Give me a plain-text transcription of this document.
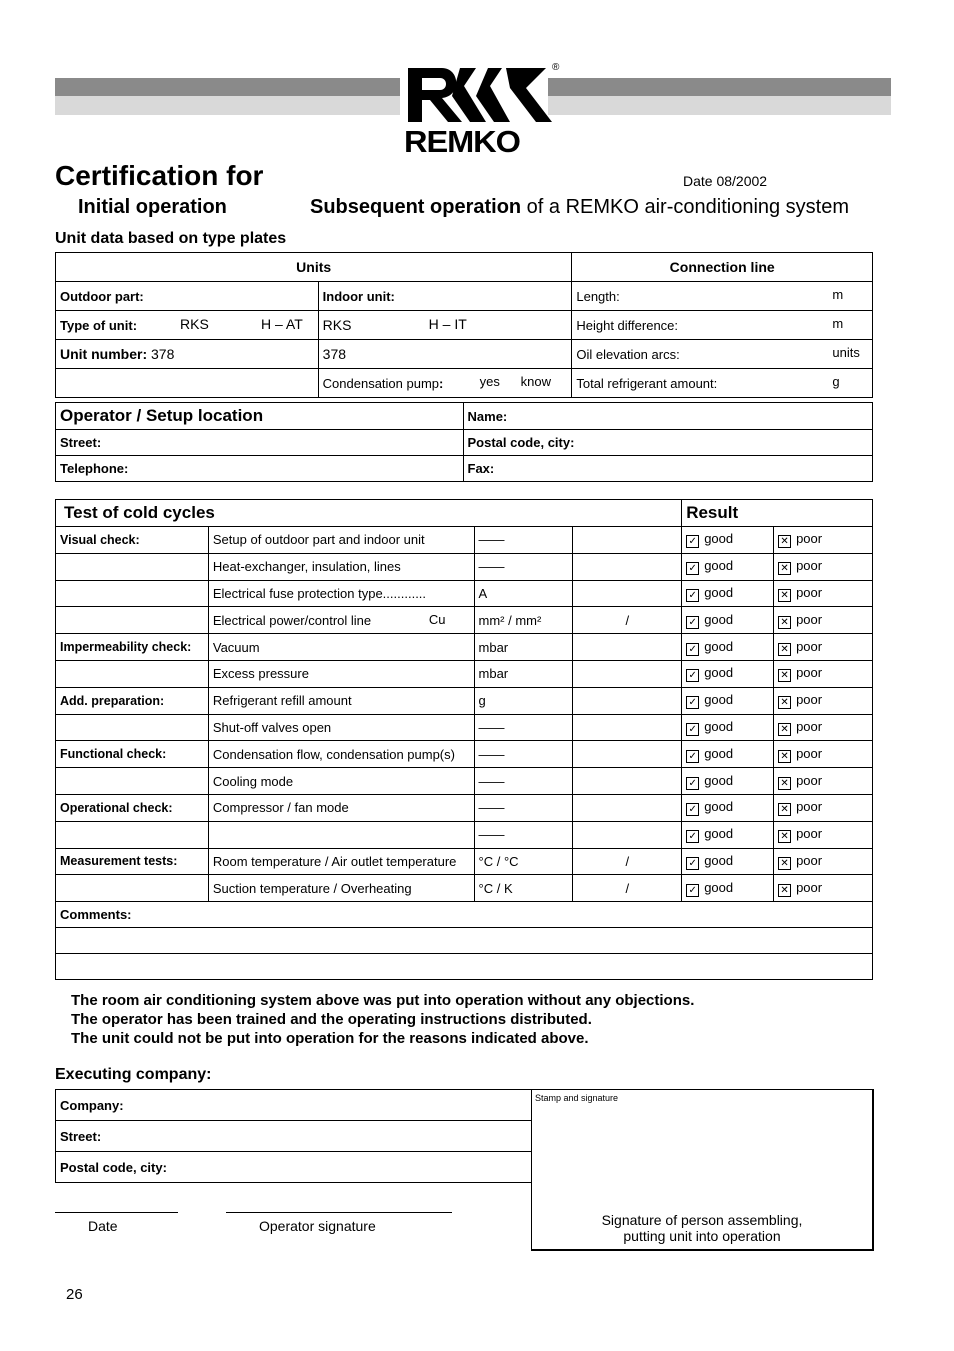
REMKO
®
Certification for	Date 08/2002
Initial operation	Subsequent operation of a REMKO air-conditioning system
Unit data based on type plates
Units		Connection line
Outdoor part:	Indoor unit:	Length: m

Type of unit: RKS H – AT	RKS H – IT	Height difference: m

Unit number: 378	378	Oil elevation arcs: units

	Condensation pump: yes know	Total refrigerant amount: g
Operator / Setup location	Name:
Street:	Postal code, city:
Telephone:	Fax:
Test of cold cycles				Result	
Visual check:	Setup of outdoor part and indoor unit	——		✓ good	✕ poor
	Heat-exchanger, insulation, lines	——		✓ good	✕ poor
	Electrical fuse protection type............	A		✓ good	✕ poor
	Electrical power/control line Cu	mm² / mm²	/	✓ good	✕ poor
Impermeability check:	Vacuum	mbar		✓ good	✕ poor
	Excess pressure	mbar		✓ good	✕ poor
Add. preparation:	Refrigerant refill amount	g		✓ good	✕ poor
	Shut-off valves open	——		✓ good	✕ poor
Functional check:	Condensation flow, condensation pump(s)	——		✓ good	✕ poor
	Cooling mode	——		✓ good	✕ poor
Operational check:	Compressor / fan mode	——		✓ good	✕ poor
		——		✓ good	✕ poor
Measurement tests:	Room temperature / Air outlet temperature	°C / °C	/	✓ good	✕ poor
	Suction temperature / Overheating	°C / K	/	✓ good	✕ poor
Comments:					

The room air conditioning system above was put into operation without any objections.
The operator has been trained and the operating instructions distributed.
The unit could not be put into operation for the reasons indicated above.
Executing company:
Company:
Street:
Postal code, city:
Stamp and signature
Signature of person assembling,
putting unit into operation
Date	Operator signature
26
